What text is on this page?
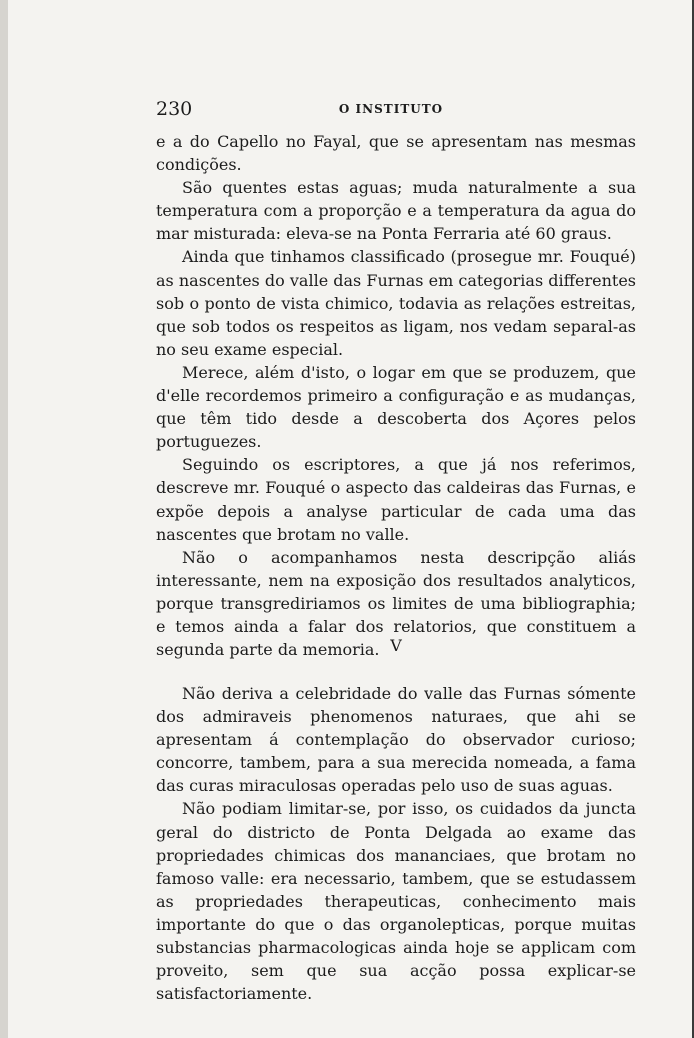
230	O INSTITUTO

e a do Capello no Fayal, que se apresentam nas mesmas condições.

São quentes estas aguas; muda naturalmente a sua temperatura com a proporção e a temperatura da agua do mar misturada: eleva-se na Ponta Ferraria até 60 graus.

Ainda que tinhamos classificado (prosegue mr. Fouqué) as nascentes do valle das Furnas em categorias differentes sob o ponto de vista chimico, todavia as relações estreitas, que sob todos os respeitos as ligam, nos vedam separal-as no seu exame especial.

Merece, além d'isto, o logar em que se produzem, que d'elle recordemos primeiro a configuração e as mudanças, que têm tido desde a descoberta dos Açores pelos portuguezes.

Seguindo os escriptores, a que já nos referimos, descreve mr. Fouqué o aspecto das caldeiras das Furnas, e expõe depois a analyse particular de cada uma das nascentes que brotam no valle.

Não o acompanhamos nesta descripção aliás interessante, nem na exposição dos resultados analyticos, porque transgrediriamos os limites de uma bibliographia; e temos ainda a falar dos relatorios, que constituem a segunda parte da memoria. V

Não deriva a celebridade do valle das Furnas sómente dos admiraveis phenomenos naturaes, que ahi se apresentam á contemplação do observador curioso; concorre, tambem, para a sua merecida nomeada, a fama das curas miraculosas operadas pelo uso de suas aguas.

Não podiam limitar-se, por isso, os cuidados da juncta geral do districto de Ponta Delgada ao exame das propriedades chimicas dos mananciaes, que brotam no famoso valle: era necessario, tambem, que se estudassem as propriedades therapeuticas, conhecimento mais importante do que o das organolepticas, porque muitas substancias pharmacologicas ainda hoje se applicam com proveito, sem que sua acção possa explicar-se satisfactoriamente.
